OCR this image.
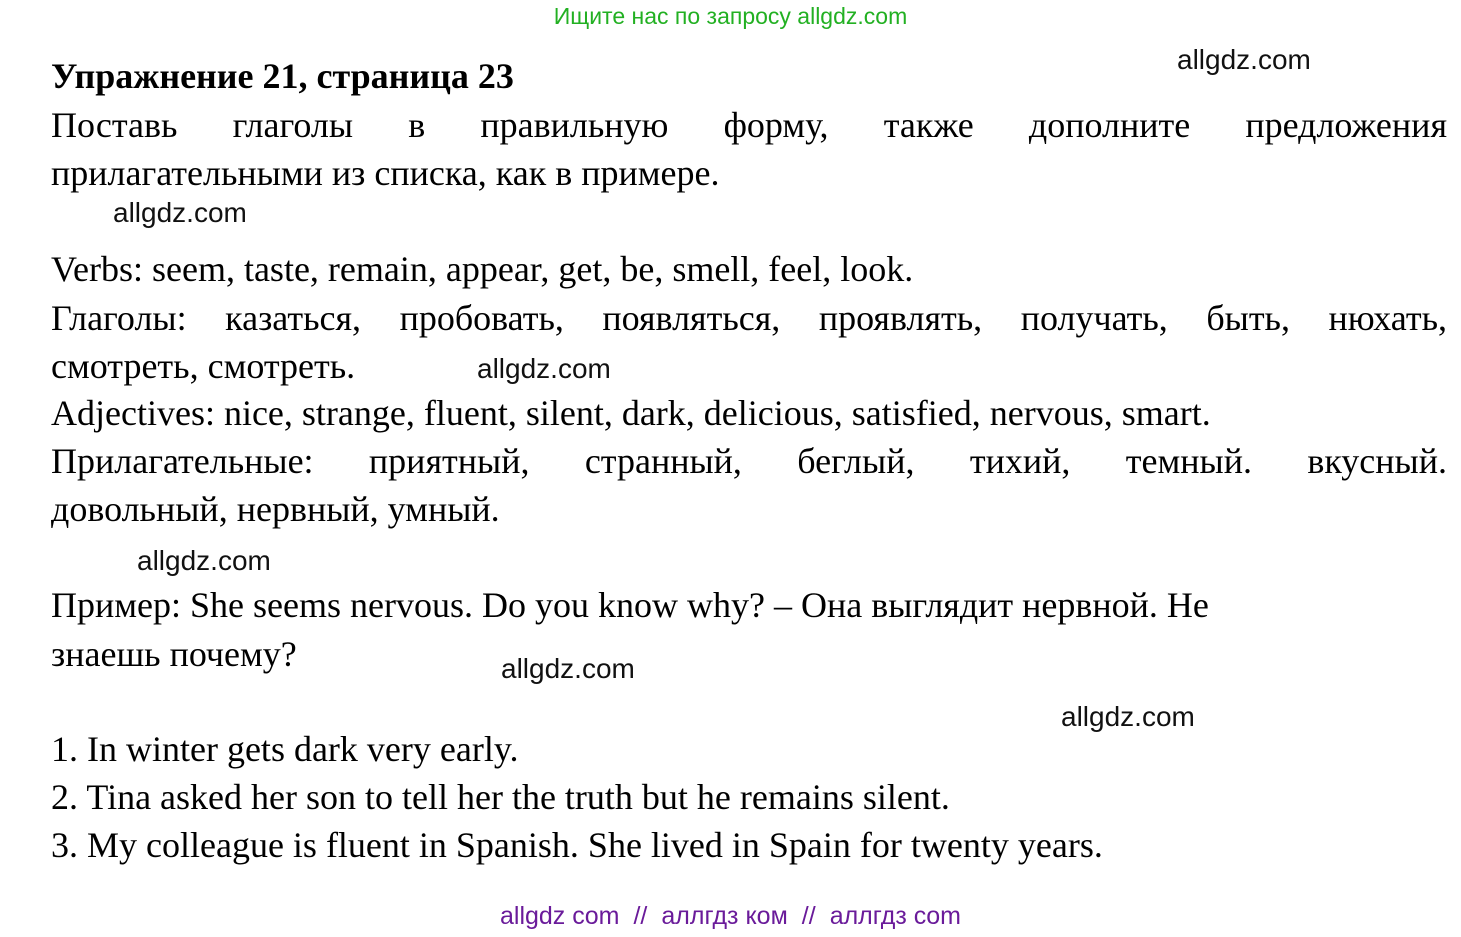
Ищите нас по запросу allgdz.com
allgdz.com
Упражнение 21, страница 23
Поставь глаголы в правильную форму, также дополните предложения
прилагательными из списка, как в примере.
allgdz.com
Verbs: seem, taste, remain, appear, get, be, smell, feel, look.
Глаголы: казаться, пробовать, появляться, проявлять, получать, быть, нюхать,
смотреть, смотреть.	allgdz.com
Adjectives: nice, strange, fluent, silent, dark, delicious, satisfied, nervous, smart.
Прилагательные: приятный, странный, беглый, тихий, темный. вкусный.
довольный, нервный, умный.
allgdz.com
Пример: She seems nervous. Do you know why? – Она выглядит нервной. Не
знаешь почему?	allgdz.com
allgdz.com
1. In winter gets dark very early.
2. Tina asked her son to tell her the truth but he remains silent.
3. My colleague is fluent in Spanish. She lived in Spain for twenty years.
allgdz com // аллгдз ком // аллгдз com
